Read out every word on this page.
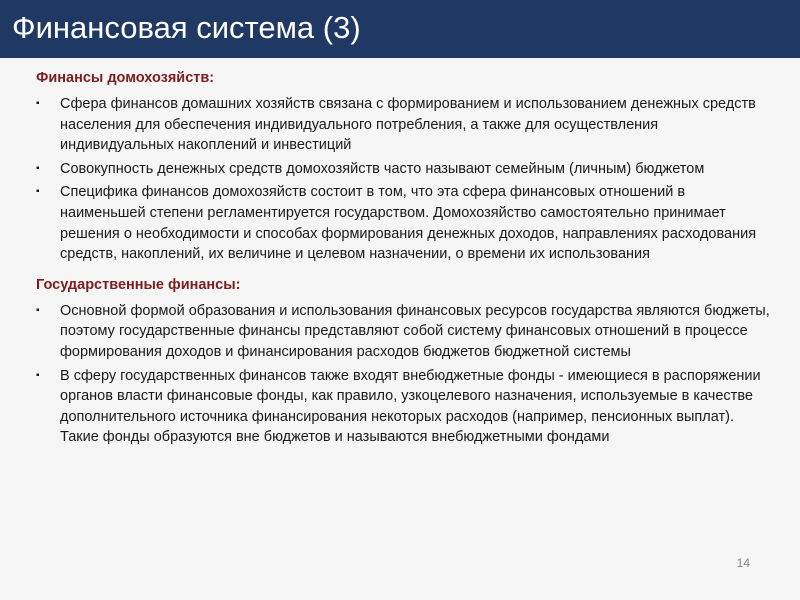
Финансовая система (3)
Финансы домохозяйств:
▪ Сфера финансов домашних хозяйств связана с формированием и использованием денежных средств населения для обеспечения индивидуального потребления, а также для осуществления индивидуальных накоплений и инвестиций
▪ Совокупность денежных средств домохозяйств часто называют семейным (личным) бюджетом
▪ Специфика финансов домохозяйств состоит в том, что эта сфера финансовых отношений в наименьшей степени регламентируется государством. Домохозяйство самостоятельно принимает решения о необходимости и способах формирования денежных доходов, направлениях расходования средств, накоплений, их величине и целевом назначении, о времени их использования
Государственные финансы:
▪ Основной формой образования и использования финансовых ресурсов государства являются бюджеты, поэтому государственные финансы представляют собой систему финансовых отношений в процессе формирования доходов и финансирования расходов бюджетов бюджетной системы
▪ В сферу государственных финансов также входят внебюджетные фонды - имеющиеся в распоряжении органов власти финансовые фонды, как правило, узкоцелевого назначения, используемые в качестве дополнительного источника финансирования некоторых расходов (например, пенсионных выплат). Такие фонды образуются вне бюджетов и называются внебюджетными фондами
14
